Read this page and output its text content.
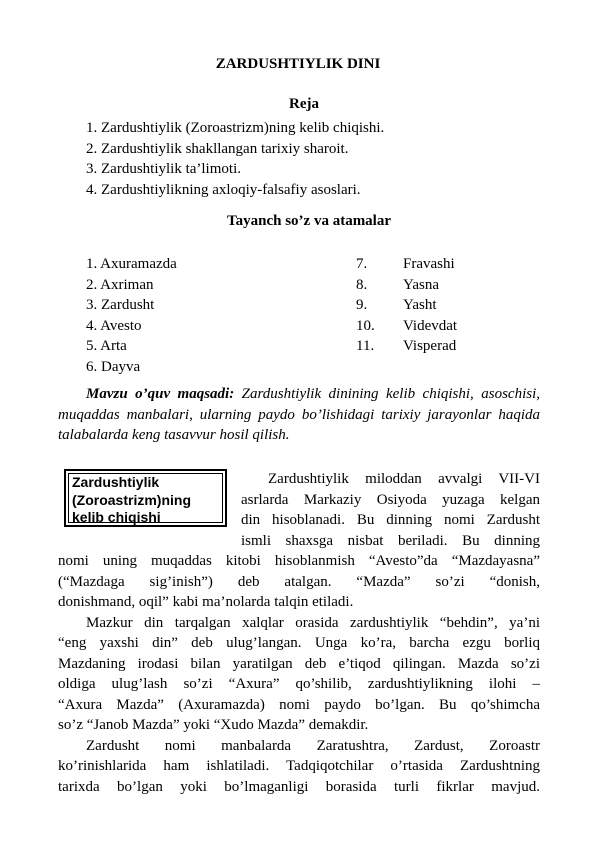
ZARDUSHTIYLIK DINI
Reja
1. Zardushtiylik (Zoroastrizm)ning kelib chiqishi.
2. Zardushtiylik shakllangan tarixiy sharoit.
3. Zardushtiylik ta’limoti.
4. Zardushtiylikning axloqiy-falsafiy asoslari.
Tayanch so’z va atamalar
1. Axuramazda
2. Axriman
3. Zardusht
4. Avesto
5. Arta
6. Dayva
7. Fravashi
8. Yasna
9. Yasht
10. Videvdat
11. Visperad
Mavzu o’quv maqsadi: Zardushtiylik dinining kelib chiqishi, asoschisi, muqaddas manbalari, ularning paydo bo’lishidagi tarixiy jarayonlar haqida talabalarda keng tasavvur hosil qilish.
Zardushtiylik
(Zoroastrizm)ning
kelib chiqishi
Zardushtiylik miloddan avvalgi VII-VI
asrlarda Markaziy Osiyoda yuzaga kelgan
din hisoblanadi. Bu dinning nomi Zardusht
ismli shaxsga nisbat beriladi. Bu dinning
nomi uning muqaddas kitobi hisoblanmish “Avesto”da “Mazdayasna”
(“Mazdaga sig’inish”) deb atalgan. “Mazda” so’zi “donish,
donishmand, oqil” kabi ma’nolarda talqin etiladi.
Mazkur din tarqalgan xalqlar orasida zardushtiylik “behdin”, ya’ni
“eng yaxshi din” deb ulug’langan. Unga ko’ra, barcha ezgu borliq
Mazdaning irodasi bilan yaratilgan deb e’tiqod qilingan. Mazda so’zi
oldiga ulug’lash so’zi “Axura” qo’shilib, zardushtiylikning ilohi –
“Axura Mazda” (Axuramazda) nomi paydo bo’lgan. Bu qo’shimcha
so’z “Janob Mazda” yoki “Xudo Mazda” demakdir.
Zardusht nomi manbalarda Zaratushtra, Zardust, Zoroastr
ko’rinishlarida ham ishlatiladi. Tadqiqotchilar o’rtasida Zardushtning
tarixda bo’lgan yoki bo’lmaganligi borasida turli fikrlar mavjud.
